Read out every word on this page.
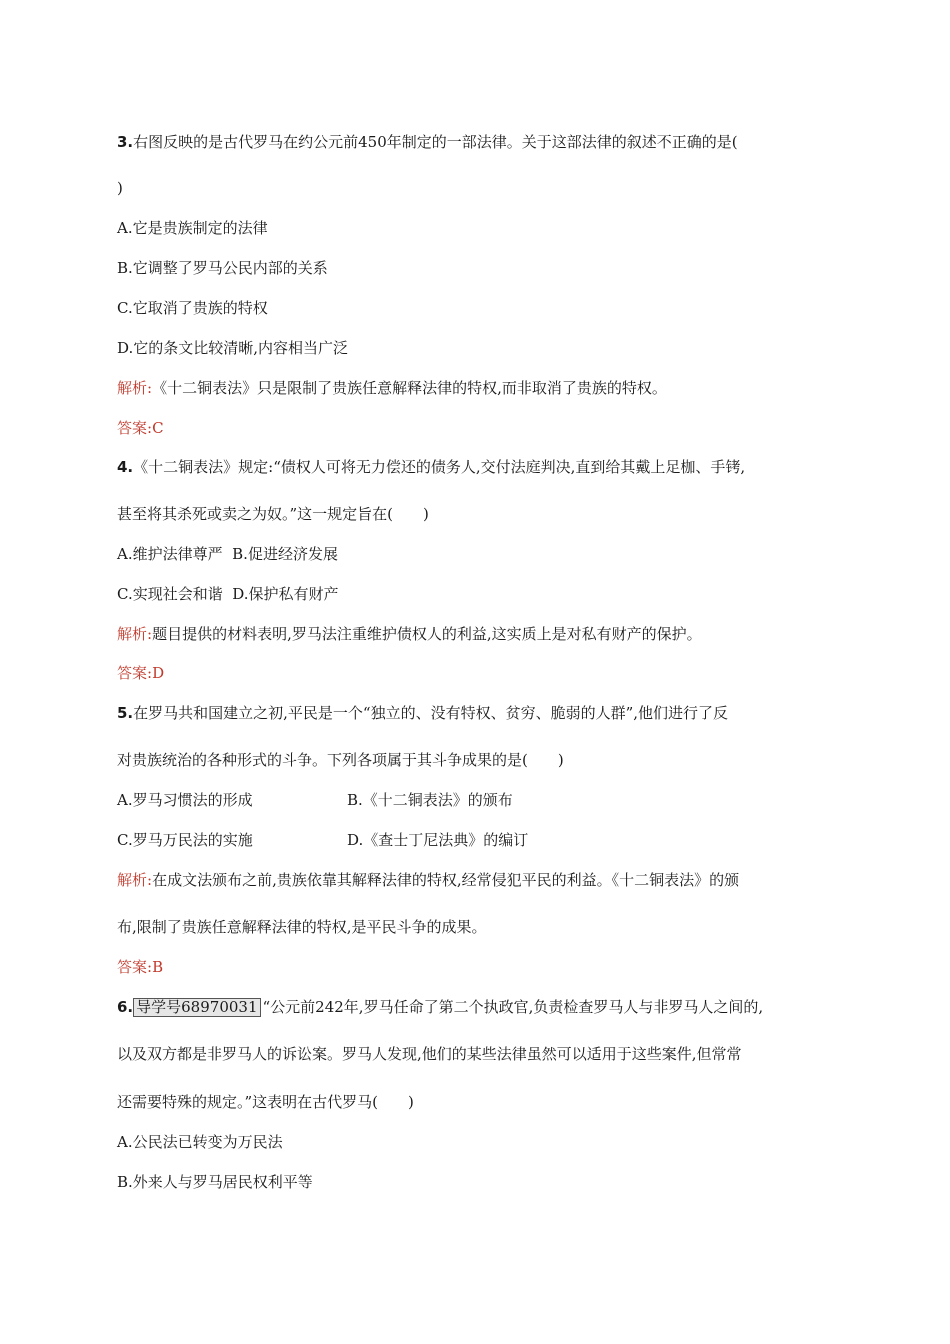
3.右图反映的是古代罗马在约公元前450年制定的一部法律。关于这部法律的叙述不正确的是(
)
A.它是贵族制定的法律
B.它调整了罗马公民内部的关系
C.它取消了贵族的特权
D.它的条文比较清晰,内容相当广泛
解析:《十二铜表法》只是限制了贵族任意解释法律的特权,而非取消了贵族的特权。
答案:C
4.《十二铜表法》规定:“债权人可将无力偿还的债务人,交付法庭判决,直到给其戴上足枷、手铐,
甚至将其杀死或卖之为奴。”这一规定旨在(　　)
A.维护法律尊严 B.促进经济发展
C.实现社会和谐 D.保护私有财产
解析:题目提供的材料表明,罗马法注重维护债权人的利益,这实质上是对私有财产的保护。
答案:D
5.在罗马共和国建立之初,平民是一个“独立的、没有特权、贫穷、脆弱的人群”,他们进行了反
对贵族统治的各种形式的斗争。下列各项属于其斗争成果的是(　　)
A.罗马习惯法的形成	B.《十二铜表法》的颁布
C.罗马万民法的实施	D.《查士丁尼法典》的编订
解析:在成文法颁布之前,贵族依靠其解释法律的特权,经常侵犯平民的利益。《十二铜表法》的颁
布,限制了贵族任意解释法律的特权,是平民斗争的成果。
答案:B
6. 导学号68970031 “公元前242年,罗马任命了第二个执政官,负责检查罗马人与非罗马人之间的,
以及双方都是非罗马人的诉讼案。罗马人发现,他们的某些法律虽然可以适用于这些案件,但常常
还需要特殊的规定。”这表明在古代罗马(　　)
A.公民法已转变为万民法
B.外来人与罗马居民权利平等
